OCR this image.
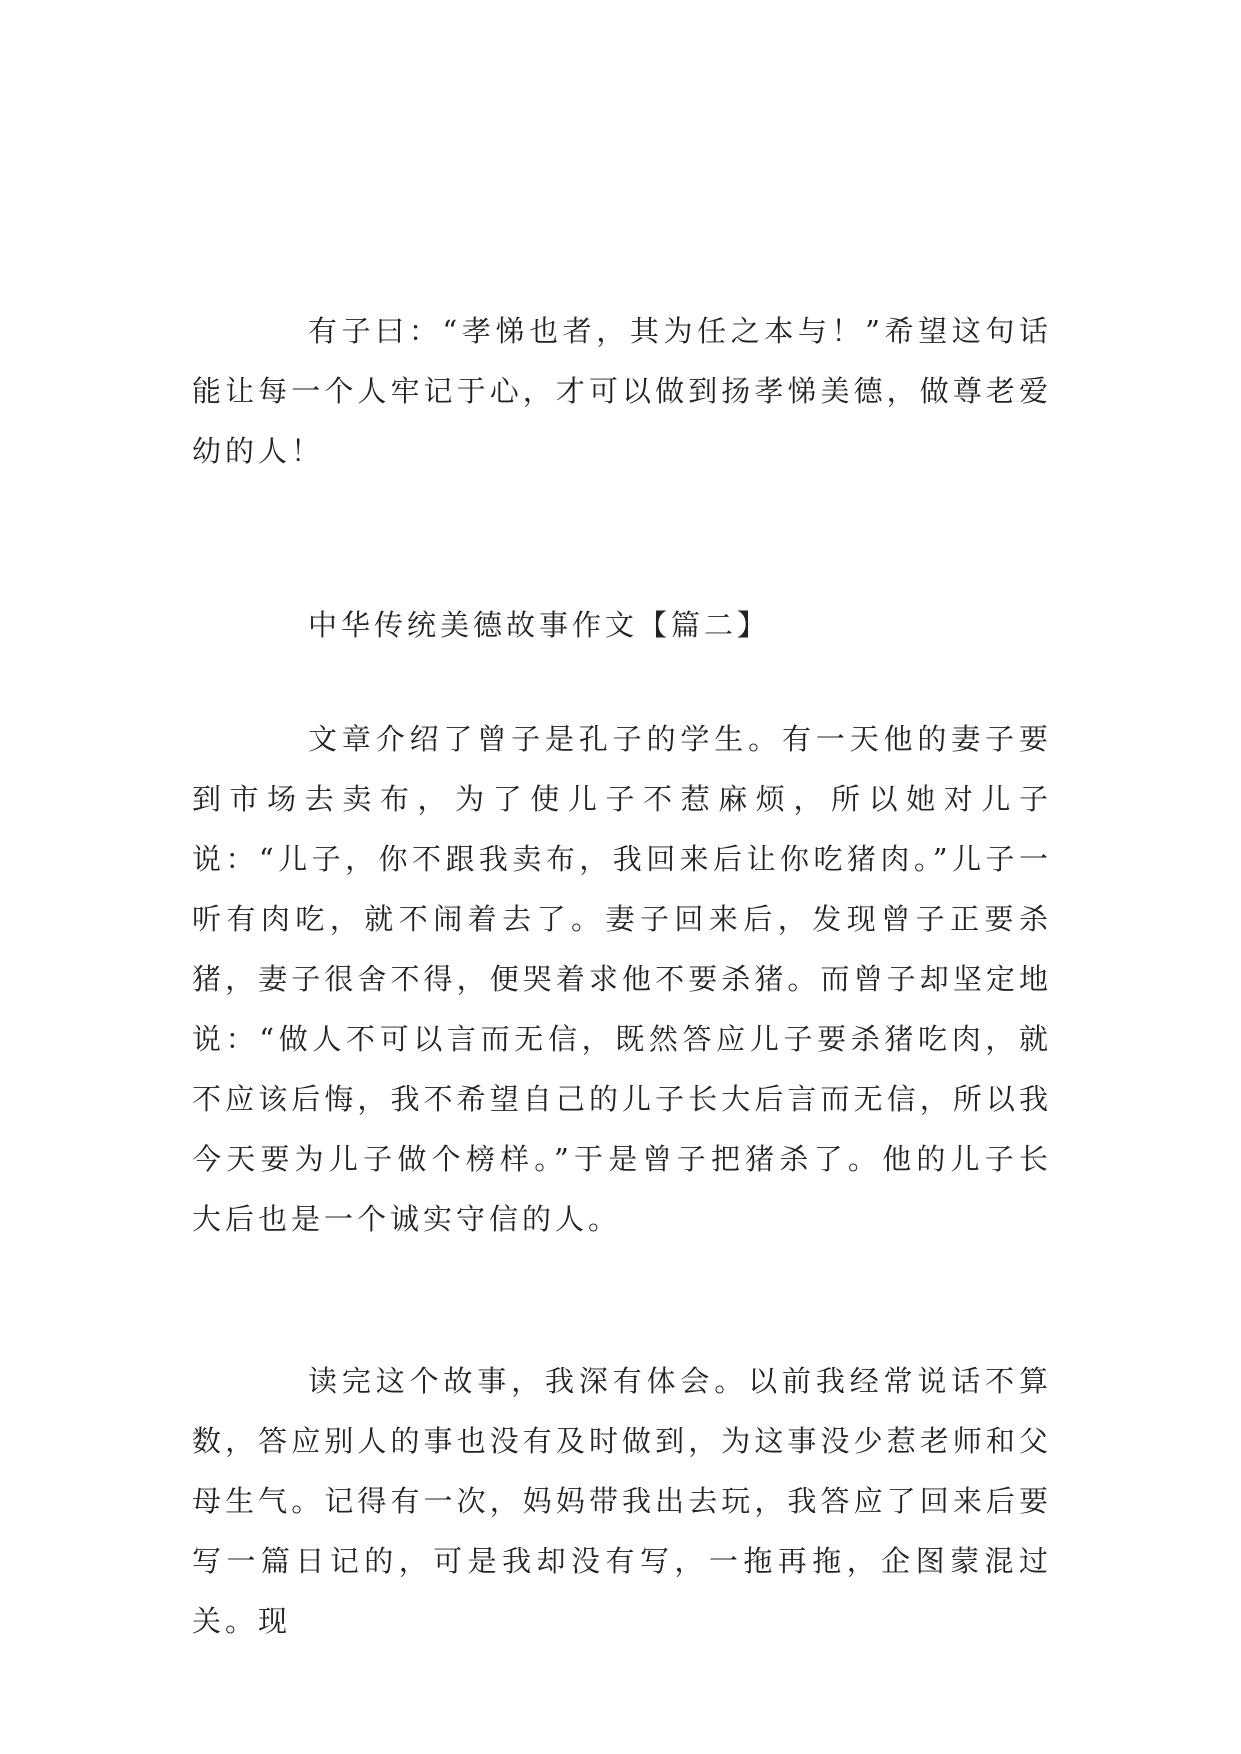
有子曰：“孝悌也者，其为任之本与！”希望这句话能让每一个人牢记于心，才可以做到扬孝悌美德，做尊老爱幼的人！

中华传统美德故事作文【篇二】

文章介绍了曾子是孔子的学生。有一天他的妻子要到市场去卖布，为了使儿子不惹麻烦，所以她对儿子说：“儿子，你不跟我卖布，我回来后让你吃猪肉。”儿子一听有肉吃，就不闹着去了。妻子回来后，发现曾子正要杀猪，妻子很舍不得，便哭着求他不要杀猪。而曾子却坚定地说：“做人不可以言而无信，既然答应儿子要杀猪吃肉，就不应该后悔，我不希望自己的儿子长大后言而无信，所以我今天要为儿子做个榜样。”于是曾子把猪杀了。他的儿子长大后也是一个诚实守信的人。

读完这个故事，我深有体会。以前我经常说话不算数，答应别人的事也没有及时做到，为这事没少惹老师和父母生气。记得有一次，妈妈带我出去玩，我答应了回来后要写一篇日记的，可是我却没有写，一拖再拖，企图蒙混过关。现
